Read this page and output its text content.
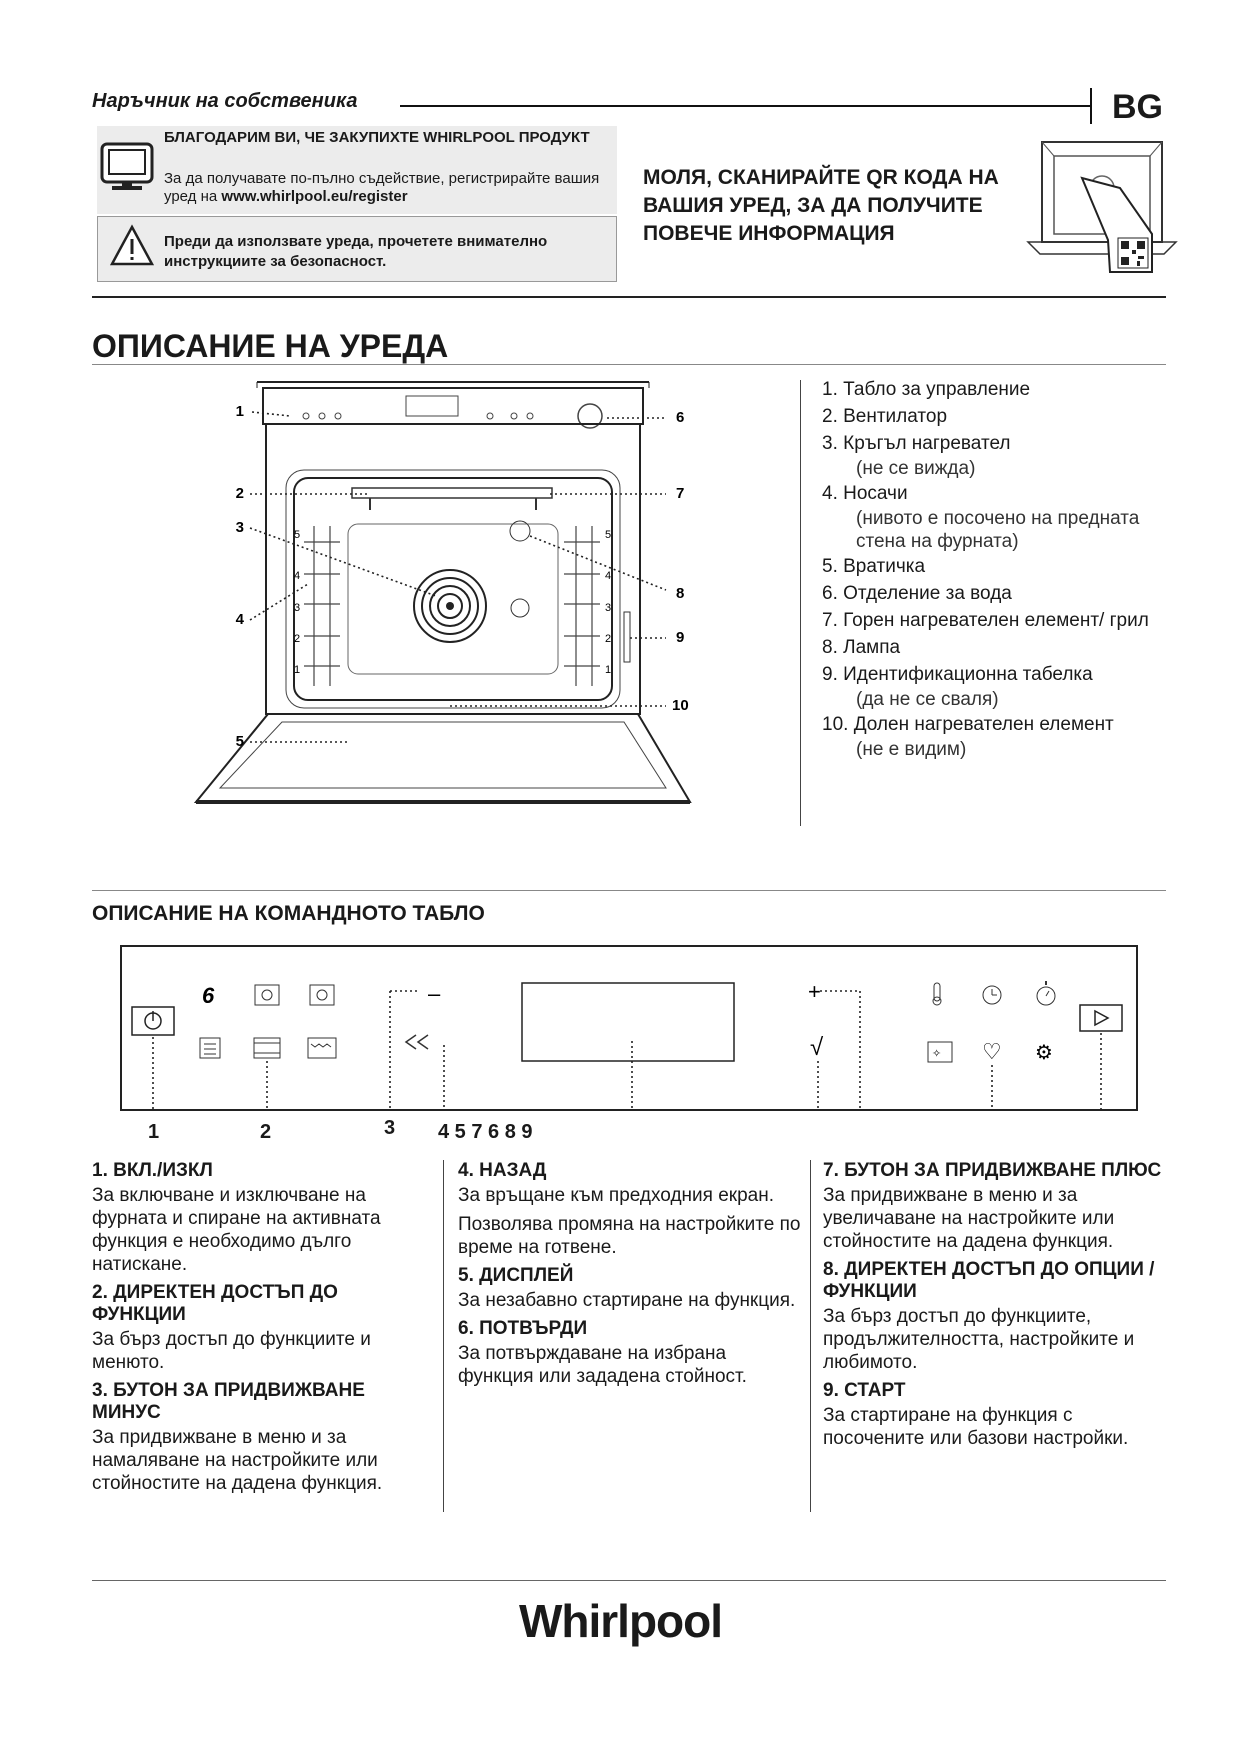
Наръчник на собственика	BG
БЛАГОДАРИМ ВИ, ЧЕ ЗАКУПИХТЕ WHIRLPOOL ПРОДУКТ
За да получавате по-пълно съдействие, регистрирайте вашия уред на www.whirlpool.eu/register
Преди да използвате уреда, прочетете внимателно инструкциите за безопасност.
МОЛЯ, СКАНИРАЙТЕ QR КОДА НА ВАШИЯ УРЕД, ЗА ДА ПОЛУЧИТЕ ПОВЕЧЕ ИНФОРМАЦИЯ
ОПИСАНИЕ НА УРЕДА
5
4
3
2
1
5
4
3
2
1
1
2
3
4
5
6
7
8
9
10
1. Табло за управление
2. Вентилатор
3. Кръгъл нагревател
(не се вижда)
4. Носачи
(нивото е посочено на предната стена на фурната)
5. Вратичка
6. Отделение за вода
7. Горен нагревателен елемент/ грил
8. Лампа
9. Идентификационна табелка
(да не се сваля)
10. Долен нагревателен елемент
(не е видим)
ОПИСАНИЕ НА КОМАНДНОТО ТАБЛО
6	–	+
√	✧ ♡ ⚙
1	2	3 4 5 7 6 8 9
1. ВКЛ./ИЗКЛ

За включване и изключване на фурната и спиране на активната функция е необходимо дълго натискане.

2. ДИРЕКТЕН ДОСТЪП ДО ФУНКЦИИ

За бърз достъп до функциите и менюто.

3. БУТОН ЗА ПРИДВИЖВАНЕ МИНУС

За придвижване в меню и за намаляване на настройките или стойностите на дадена функция.

4. НАЗАД

За връщане към предходния екран.

Позволява промяна на настройките по време на готвене.

5. ДИСПЛЕЙ

За незабавно стартиране на функция.

6. ПОТВЪРДИ

За потвърждаване на избрана функция или зададена стойност.

7. БУТОН ЗА ПРИДВИЖВАНЕ ПЛЮС

За придвижване в меню и за увеличаване на настройките или стойностите на дадена функция.

8. ДИРЕКТЕН ДОСТЪП ДО ОПЦИИ / ФУНКЦИИ

За бърз достъп до функциите, продължителността, настройките и любимото.

9. СТАРТ

За стартиране на функция с посочените или базови настройки.

Whirlpool
